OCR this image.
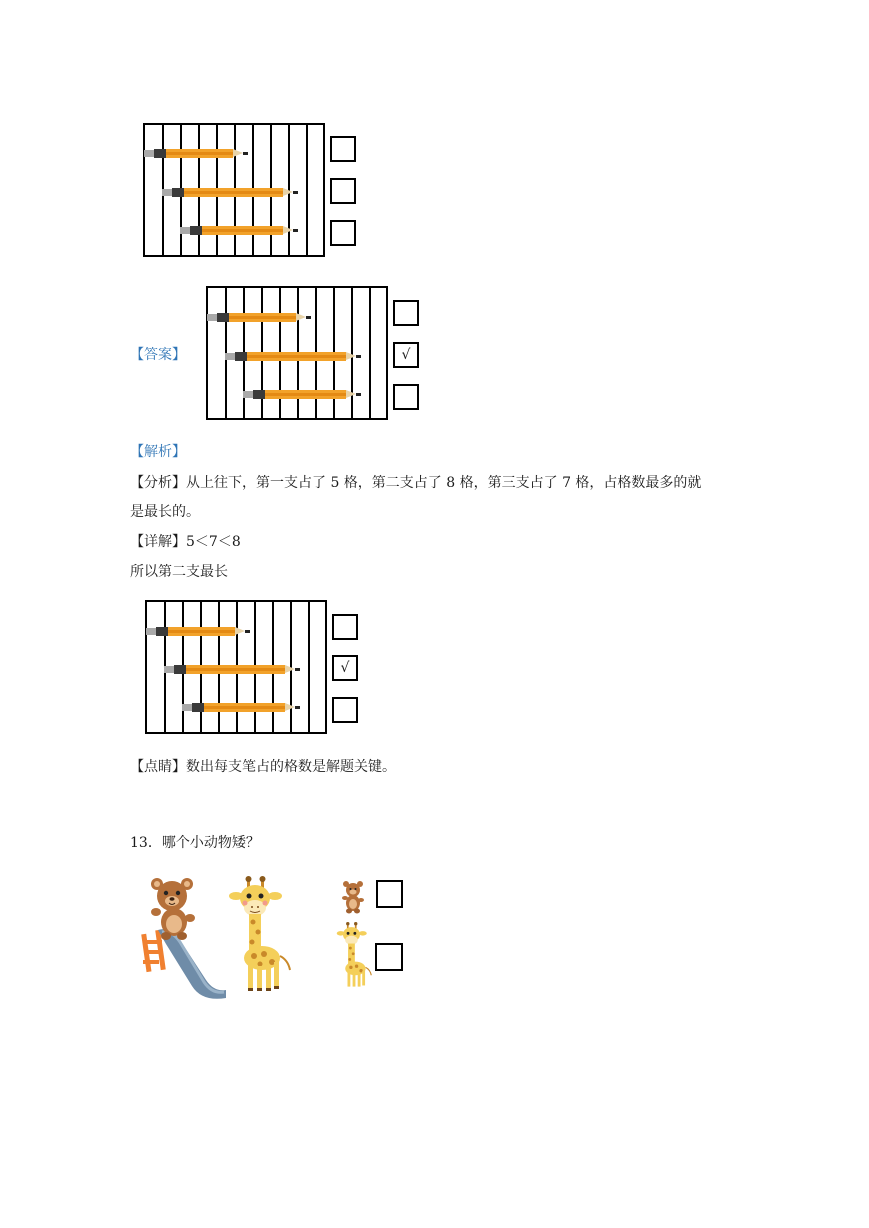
【答案】	√
【解析】
【分析】从上往下，第一支占了 5 格，第二支占了 8 格，第三支占了 7 格，占格数最多的就
是最长的。
【详解】5＜7＜8
所以第二支最长
√
【点睛】数出每支笔占的格数是解题关键。
13．哪个小动物矮？
